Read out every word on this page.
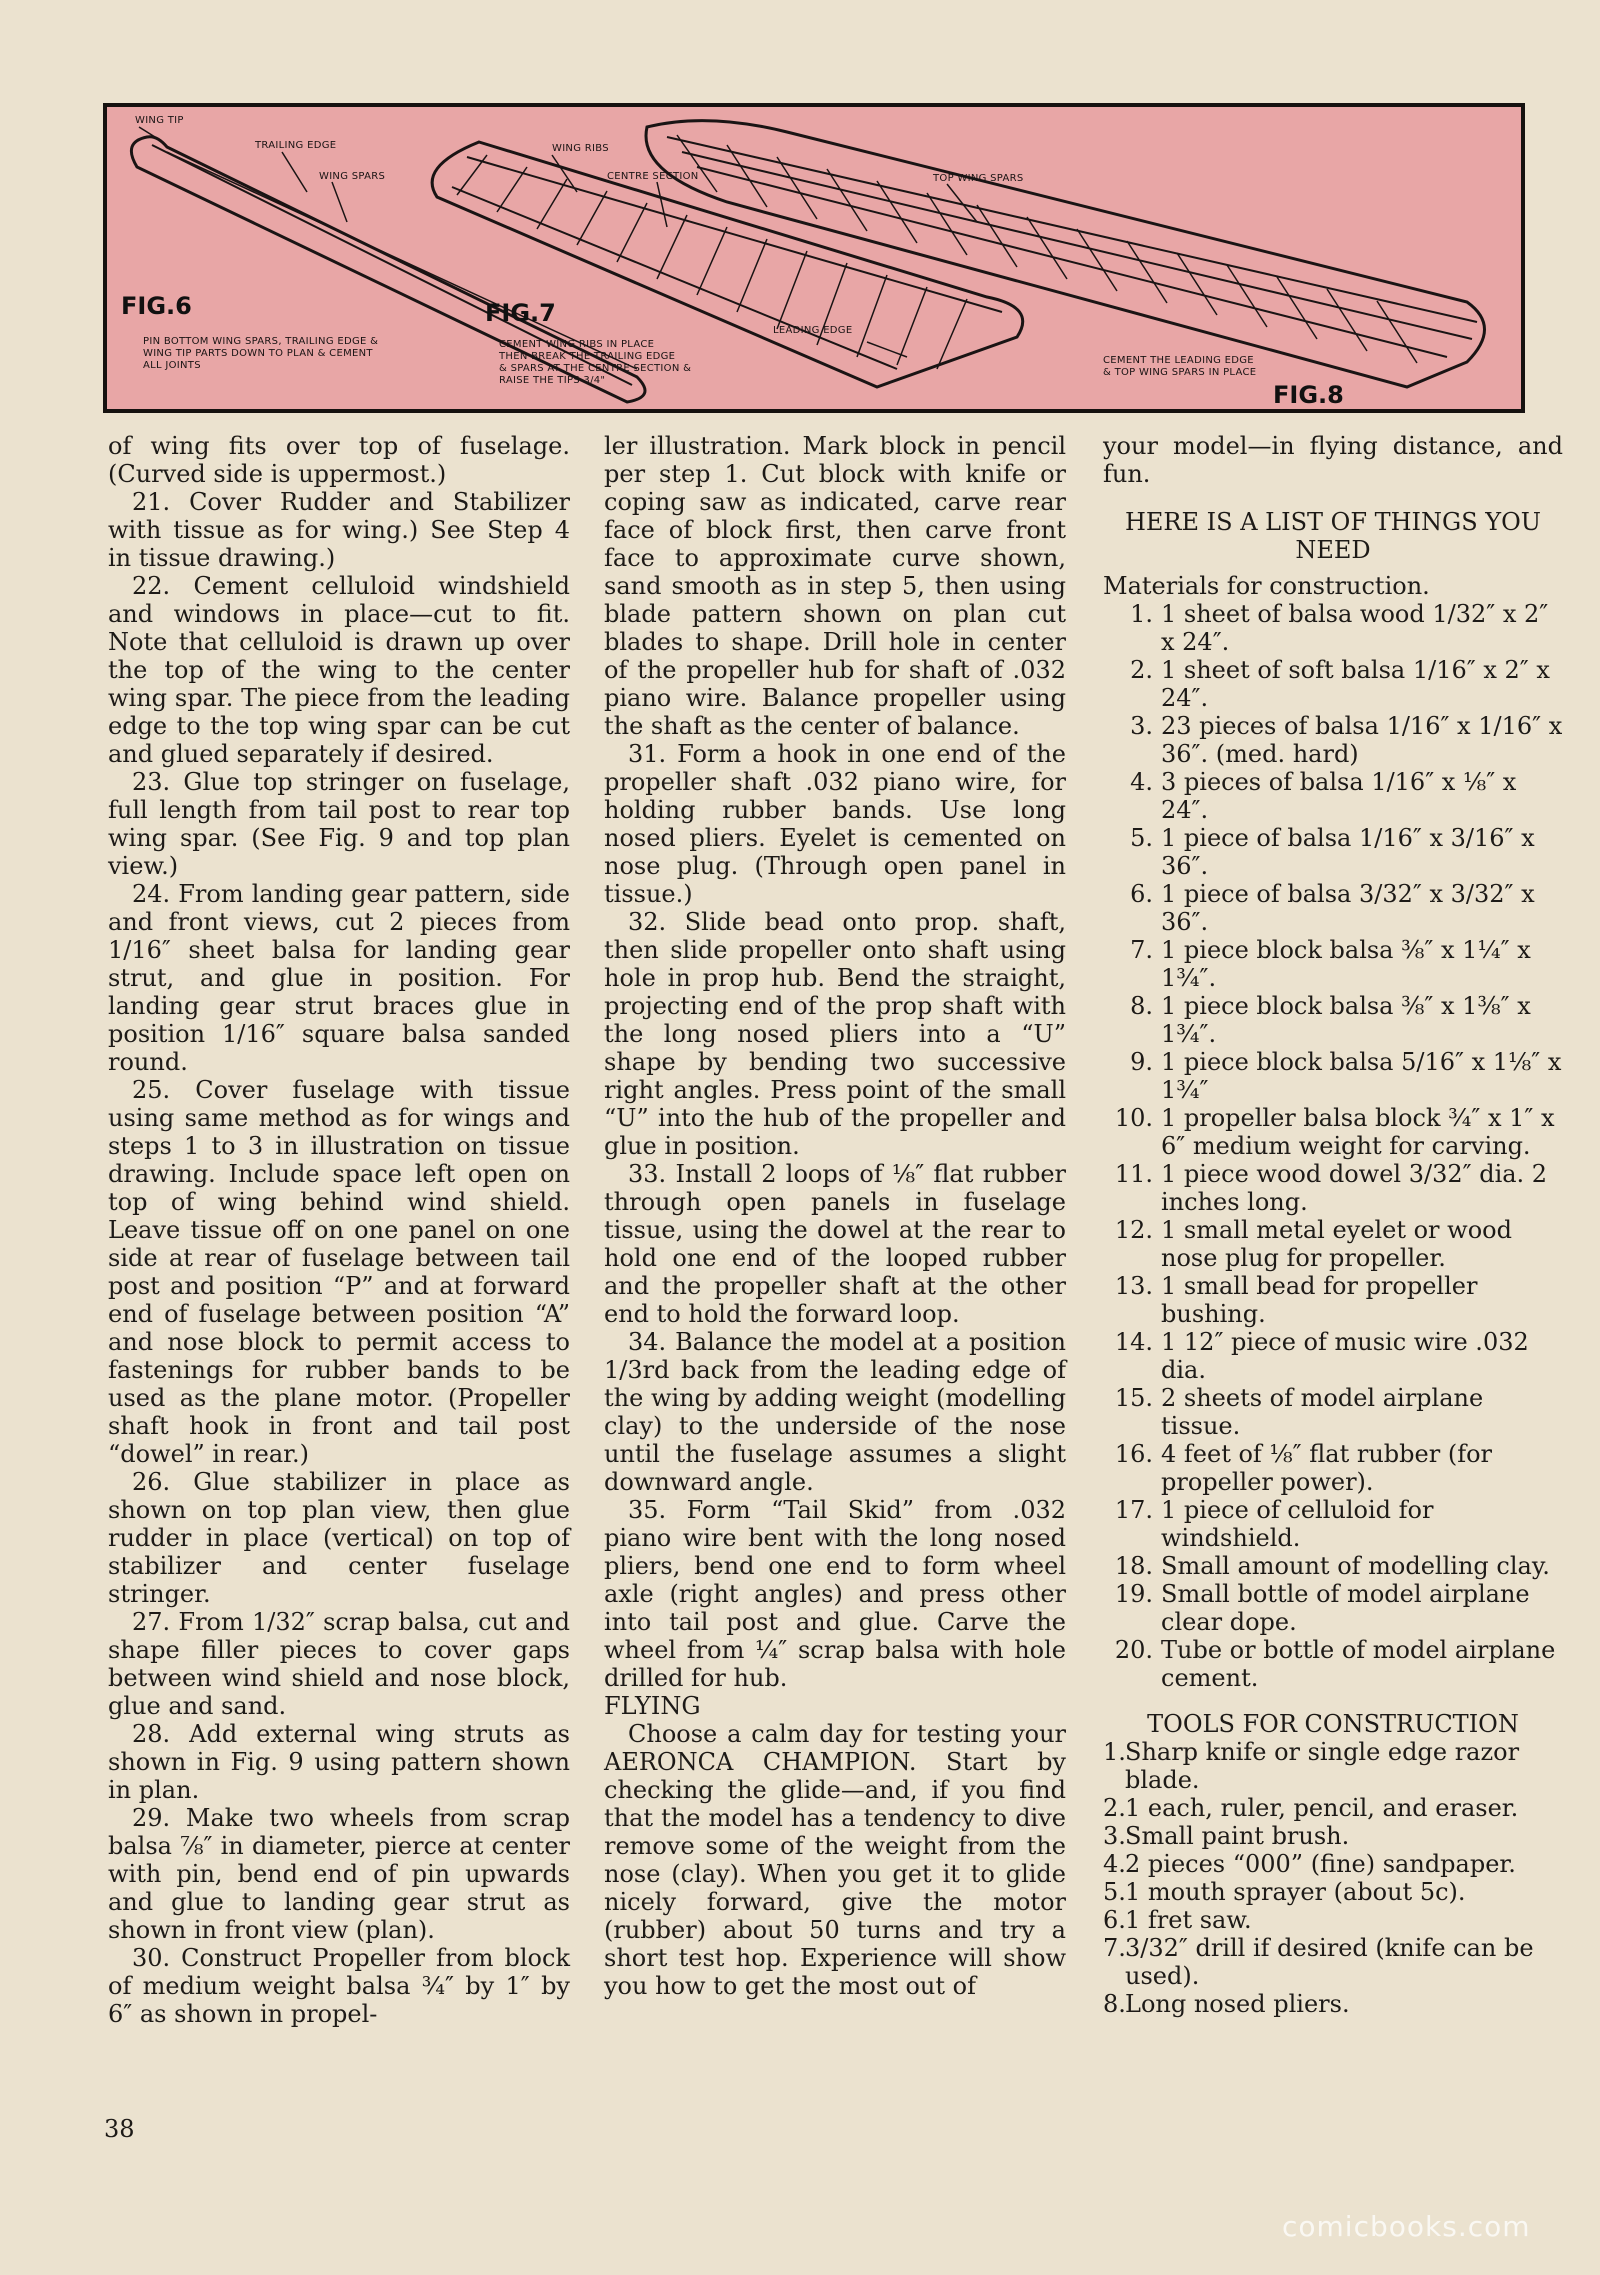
WING TIP
TRAILING EDGE
WING SPARS
WING RIBS
CENTRE SECTION	TOP WING SPARS
LEADING EDGE
FIG.6	FIG.7
FIG.8
PIN BOTTOM WING SPARS, TRAILING EDGE &
WING TIP PARTS DOWN TO PLAN & CEMENT
ALL JOINTS
CEMENT WING RIBS IN PLACE
THEN BREAK THE TRAILING EDGE
& SPARS AT THE CENTRE SECTION &
RAISE THE TIPS 3/4"
CEMENT THE LEADING EDGE
& TOP WING SPARS IN PLACE

of wing fits over top of fuselage. (Curved side is uppermost.)

21. Cover Rudder and Stabilizer with tissue as for wing.) See Step 4 in tissue drawing.)

22. Cement celluloid windshield and windows in place—cut to fit. Note that celluloid is drawn up over the top of the wing to the center wing spar. The piece from the leading edge to the top wing spar can be cut and glued separately if desired.

23. Glue top stringer on fuselage, full length from tail post to rear top wing spar. (See Fig. 9 and top plan view.)

24. From landing gear pattern, side and front views, cut 2 pieces from 1/16″ sheet balsa for landing gear strut, and glue in position. For landing gear strut braces glue in position 1/16″ square balsa sanded round.

25. Cover fuselage with tissue using same method as for wings and steps 1 to 3 in illustration on tissue drawing. Include space left open on top of wing behind wind shield. Leave tissue off on one panel on one side at rear of fuselage between tail post and position “P” and at forward end of fuselage between position “A” and nose block to permit access to fastenings for rubber bands to be used as the plane motor. (Propeller shaft hook in front and tail post “dowel” in rear.)

26. Glue stabilizer in place as shown on top plan view, then glue rudder in place (vertical) on top of stabilizer and center fuselage stringer.

27. From 1/32″ scrap balsa, cut and shape filler pieces to cover gaps between wind shield and nose block, glue and sand.

28. Add external wing struts as shown in Fig. 9 using pattern shown in plan.

29. Make two wheels from scrap balsa ⅞″ in diameter, pierce at center with pin, bend end of pin upwards and glue to landing gear strut as shown in front view (plan).

30. Construct Propeller from block of medium weight balsa ¾″ by 1″ by 6″ as shown in propel-

ler illustration. Mark block in pencil per step 1. Cut block with knife or coping saw as indicated, carve rear face of block first, then carve front face to approximate curve shown, sand smooth as in step 5, then using blade pattern shown on plan cut blades to shape. Drill hole in center of the propeller hub for shaft of .032 piano wire. Balance propeller using the shaft as the center of balance.

31. Form a hook in one end of the propeller shaft .032 piano wire, for holding rubber bands. Use long nosed pliers. Eyelet is cemented on nose plug. (Through open panel in tissue.)

32. Slide bead onto prop. shaft, then slide propeller onto shaft using hole in prop hub. Bend the straight, projecting end of the prop shaft with the long nosed pliers into a “U” shape by bending two successive right angles. Press point of the small “U” into the hub of the propeller and glue in position.

33. Install 2 loops of ⅛″ flat rubber through open panels in fuselage tissue, using the dowel at the rear to hold one end of the looped rubber and the propeller shaft at the other end to hold the forward loop.

34. Balance the model at a position 1/3rd back from the leading edge of the wing by adding weight (modelling clay) to the underside of the nose until the fuselage assumes a slight downward angle.

35. Form “Tail Skid” from .032 piano wire bent with the long nosed pliers, bend one end to form wheel axle (right angles) and press other into tail post and glue. Carve the wheel from ¼″ scrap balsa with hole drilled for hub.

FLYING

Choose a calm day for testing your AERONCA CHAMPION. Start by checking the glide—and, if you find that the model has a tendency to dive remove some of the weight from the nose (clay). When you get it to glide nicely forward, give the motor (rubber) about 50 turns and try a short test hop. Experience will show you how to get the most out of

your model—in flying distance, and fun.

HERE IS A LIST OF THINGS YOU NEED

Materials for construction.

1. 1 sheet of balsa wood 1/32″ x 2″ x 24″.
2. 1 sheet of soft balsa 1/16″ x 2″ x 24″.
3. 23 pieces of balsa 1/16″ x 1/16″ x 36″. (med. hard)
4. 3 pieces of balsa 1/16″ x ⅛″ x 24″.
5. 1 piece of balsa 1/16″ x 3/16″ x 36″.
6. 1 piece of balsa 3/32″ x 3/32″ x 36″.
7. 1 piece block balsa ⅜″ x 1¼″ x 1¾″.
8. 1 piece block balsa ⅜″ x 1⅜″ x 1¾″.
9. 1 piece block balsa 5/16″ x 1⅛″ x 1¾″
10. 1 propeller balsa block ¾″ x 1″ x 6″ medium weight for carving.
11. 1 piece wood dowel 3/32″ dia. 2 inches long.
12. 1 small metal eyelet or wood nose plug for propeller.
13. 1 small bead for propeller bushing.
14. 1 12″ piece of music wire .032 dia.
15. 2 sheets of model airplane tissue.
16. 4 feet of ⅛″ flat rubber (for propeller power).
17. 1 piece of celluloid for windshield.
18. Small amount of modelling clay.
19. Small bottle of model airplane clear dope.
20. Tube or bottle of model airplane cement.

TOOLS FOR CONSTRUCTION

1. Sharp knife or single edge razor blade.
2. 1 each, ruler, pencil, and eraser.
3. Small paint brush.
4. 2 pieces “000” (fine) sandpaper.
5. 1 mouth sprayer (about 5c).
6. 1 fret saw.
7. 3/32″ drill if desired (knife can be used).
8. Long nosed pliers.
38
comicbooks.com
